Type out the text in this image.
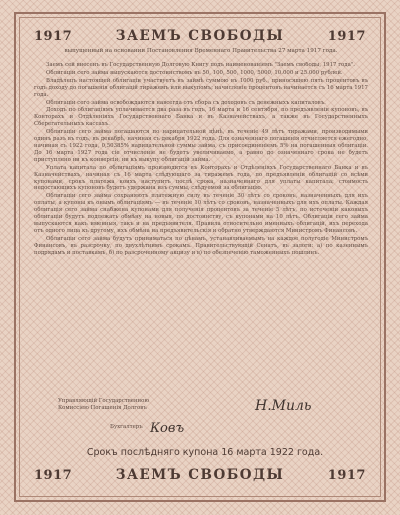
1917	ЗАЕМЪ СВОБОДЫ	1917
выпущенный на основании Постановления Временнаго Правительства 27 марта 1917 года.

Заемъ сей внесенъ въ Государственную Долговую Книгу подъ наименованіемъ "Заемъ свободы, 1917 года".

Облигаціи сего займа выпускаются достоинствомъ въ 50, 100, 500, 1000, 5000, 10.000 и 25.000 рублей.

Владѣлецъ настоящей облигаціи участвуетъ въ займѣ суммою въ 1000 руб., приносящею пять процентовъ въ годъ доходу до погашенія облигацій тиражемъ или выкупомъ; начисленіе процентовъ начинается съ 16 марта 1917 года.

Облигаціи сего займа освобождаются навсегда отъ сбора съ доходовъ съ денежныхъ капиталовъ.

Доходъ по облигаціямъ уплачивается два раза въ годъ, 16 марта и 16 сентября, по предъявленіи купоновъ, въ Конторахъ и Отдѣленіяхъ Государственнаго Банка и въ Казначействахъ, а также въ Государственныхъ Сберегательныхъ кассахъ.

Облигаціи сего займа погашаются по нарицательной цѣнѣ, въ теченіе 49 лѣтъ тиражами, производимыми одинъ разъ въ годъ, въ декабрѣ, начиная съ декабря 1922 года. Для означеннаго погашенія отчисляется ежегодно, начиная съ 1922 года, 0,50385% нарицательной суммы займа, съ присоединеніемъ 5% на погашенныя облигаціи. До 16 марта 1927 года сіе отчисленіе не будетъ увеличиваемо, а равно до означеннаго срока не будетъ приступлено ни къ конверсіи, ни къ выкупу облигацій займа.

Уплата капитала по облигаціямъ производится въ Конторахъ и Отдѣленіяхъ Государственнаго Банка и въ Казначействахъ, начиная съ 16 марта слѣдующаго за тиражемъ года, по предъявленіи облигацій со всѣми купонами, срокъ платежа коихъ наступитъ послѣ срока, назначеннаго для уплаты капитала; стоимость недостающихъ купоновъ будетъ удержана изъ суммы, слѣдуемой за облигацію.

Облигаціи сего займа сохраняютъ платежную силу въ теченіе 30 лѣтъ со сроковъ, назначенныхъ для ихъ оплаты, а купоны къ онымъ облигаціямъ — въ теченіе 10 лѣтъ со сроковъ, назначенныхъ для ихъ оплаты. Каждая облигація сего займа снабжена купонами для полученія процентовъ за теченіе 5 лѣтъ, по истеченіи каковыхъ облигаціи будутъ подлежать обмѣну на новыя, по достоинству, съ купонами на 10 лѣтъ. Облигаціи сего займа выпускаются какъ именныя, такъ и на предъявителя. Правила относительно именныхъ облигацій, ихъ перехода отъ одного лица къ другому, ихъ обмѣна на предъявительскія и обратно утверждаются Министромъ Финансовъ.

Облигаціи сего займа будутъ приниматься по цѣнамъ, устанавливаемымъ на каждое полугодіе Министромъ Финансовъ, въ разсрочку, по двухлѣтнимъ срокамъ. Правительствующій Сенатъ, въ залоги: а) по казеннымъ подрядамъ и поставкамъ, б) по разсроченному акцизу и в) по обезпеченію таможенныхъ пошлинъ.

Управляющій Государственною
Комиссіею Погашенія Долговъ	Н.Миль
Бухгалтеръ Ковъ
Срокъ послѣдняго купона 16 марта 1922 года.
1917	ЗАЕМЪ СВОБОДЫ	1917
